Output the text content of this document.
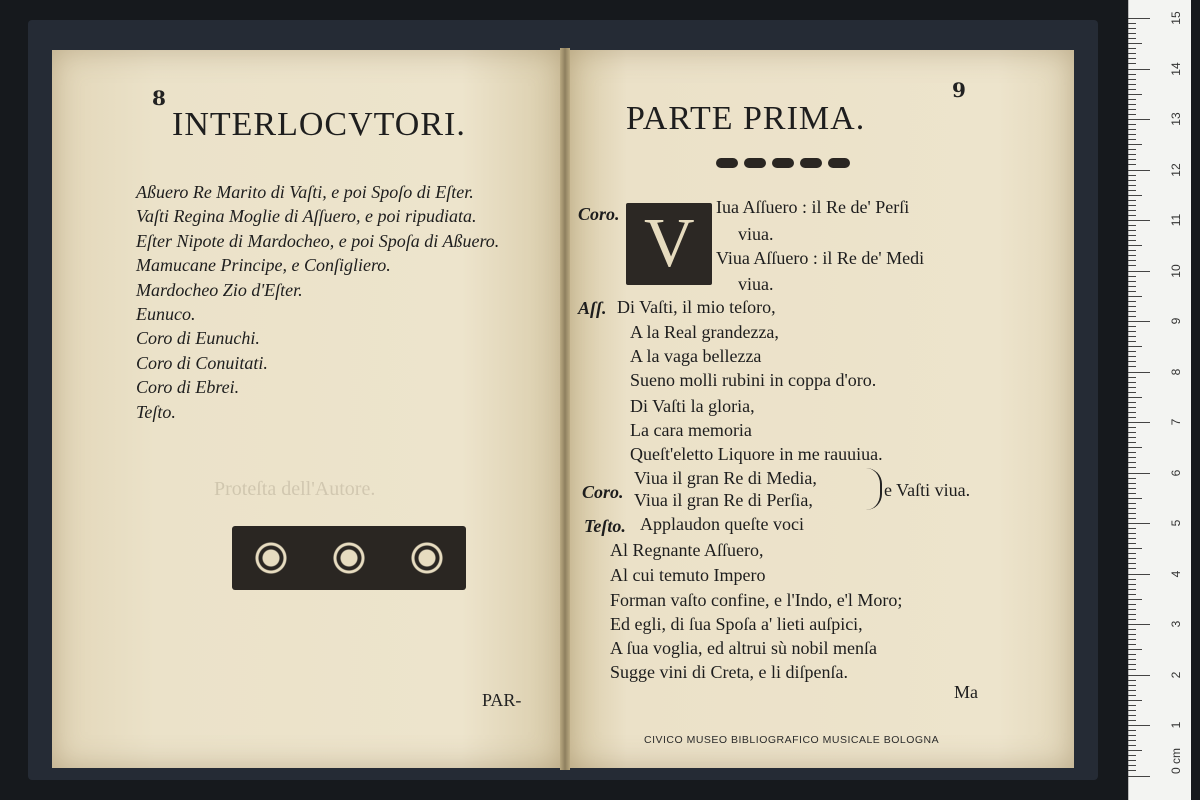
Proteſta dell'Autore.
8
INTERLOCVTORI.
Aßuero Re Marito di Vaſti, e poi Spoſo di Eſter.
Vaſti Regina Moglie di Aſſuero, e poi ripudiata.
Eſter Nipote di Mardocheo, e poi Spoſa di Aßuero.
Mamucane Principe, e Conſigliero.
Mardocheo Zio d'Eſter.
Eunuco.
Coro di Eunuchi.
Coro di Conuitati.
Coro di Ebrei.
Teſto.
PAR-
9
PARTE PRIMA.
V
Coro.	Iua Aſſuero : il Re de' Perſi
viua.
Viua Aſſuero : il Re de' Medi
viua.
Aſſ. Di Vaſti, il mio teſoro,
A la Real grandezza,
A la vaga bellezza
Sueno molli rubini in coppa d'oro.
Di Vaſti la gloria,
La cara memoria
Queſt'eletto Liquore in me rauuiua.
Viua il gran Re di Media,
Coro. Viua il gran Re di Perſia,	e Vaſti viua.
Teſto. Applaudon queſte voci
Al Regnante Aſſuero,
Al cui temuto Impero
Forman vaſto confine, e l'Indo, e'l Moro;
Ed egli, di ſua Spoſa a' lieti auſpici,
A ſua voglia, ed altrui sù nobil menſa
Sugge vini di Creta, e li diſpenſa.
Ma
CIVICO MUSEO BIBLIOGRAFICO MUSICALE BOLOGNA
15
14
13
12
11
10
9
8
7
6
5
4
3
2
1
0 cm
